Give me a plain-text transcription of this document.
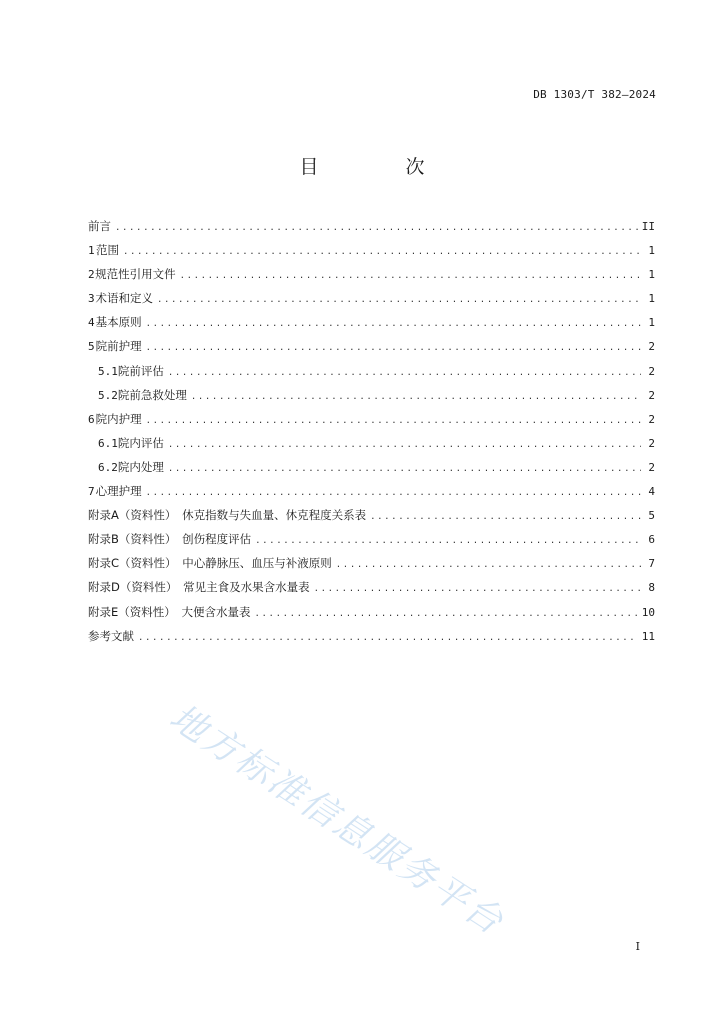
DB 1303/T 382—2024
目　次
前言 .....	II
1 范围 .....	1
2 规范性引用文件 .....	1
3 术语和定义 .....	1
4 基本原则 .....	1
5 院前护理 .....	2
5.1 院前评估 .....	2
5.2 院前急救处理 .....	2
6 院内护理 .....	2
6.1 院内评估 .....	2
6.2 院内处理 .....	2
7 心理护理 .....	4
附录A（资料性）　休克指数与失血量、休克程度关系表 .....	5
附录B（资料性）　创伤程度评估 .....	6
附录C（资料性）　中心静脉压、血压与补液原则 .....	7
附录D（资料性）　常见主食及水果含水量表 .....	8
附录E（资料性）　大便含水量表 .....	10
参考文献 .....	11
地方标准信息服务平台
I
